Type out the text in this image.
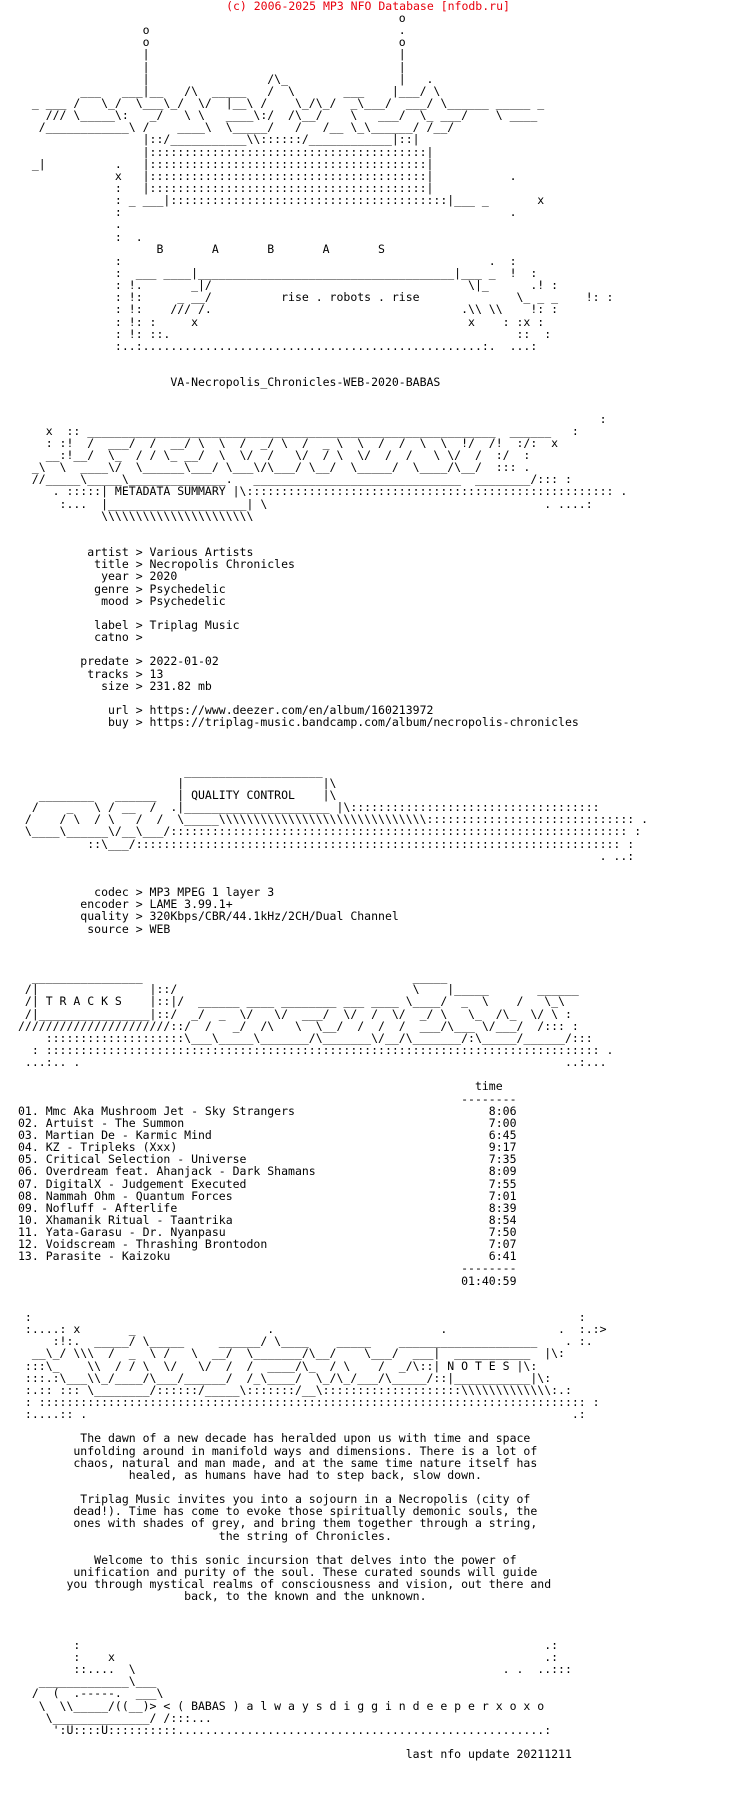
(c) 2006-2025 MP3 NFO Database [nfodb.ru]
o
o                                    .
o                                    o
|                                    |
|                                    |
|                 /\_                |   .
___   ___|__   /\  _____   /  \       ___    |___/ \
_ ___ /   \_/  \___\_/  \/  |__\ /    \_/\_/  _\___/  ___/ \______ _____ _
/// \_____\:   _/   \ \   ____\:/  /\__/    \   ___/  \_ ___/    \ ____
/____________\ /    ____\  \_____/   /   /__ \_\______/ /__/
|::/___________\\::::::/____________|::|
|::::::::::::::::::::::::::::::::::::::::|
_|          .   |::::::::::::::::::::::::::::::::::::::::|
x   |::::::::::::::::::::::::::::::::::::::::|           .
:   |::::::::::::::::::::::::::::::::::::::::|
: _ ___|::::::::::::::::::::::::::::::::::::::::|___ _       x
:                                                        .
.
:  .
B       A       B       A       S
:                                                     .  :
:  ___ ____|_____________________________________|___ _  !  :
: !.       _|/                                     \|_      .! :
: !:     _ __/          rise . robots . rise              \_ _ _    !: :
: !:    /// /.                                    .\\ \\    !: :
: !: :     x                                       x    : :x :
: !: ::.                                                  ::  :
:..:.................................................:.  ...:
VA-Necropolis_Chronicles-WEB-2020-BABAS
:
x  :: ___________________________________________________________  ______   :
: :!  /  ___/  /  __/ \  \  /  _/ \  /  _ \  \  /  /  \  \  !/  /!  :/:  x
__:!__/  \_  / / \_ __/  \  \/  /   \/  / \  \/  /  /   \ \/  /  :/  :
_\  \  ____\/  \______\___/ \___\/\___/ \__/  \_____/  \____/\__/  ::: .
//_____\_____\______________.   ______________________________  ________/::: :
. :::::| METADATA SUMMARY |\::::::::::::::::::::::::::::::::::::::::::::::::::::: .
:...  |____________________| \                                        . ....:
\\\\\\\\\\\\\\\\\\\\\\
artist > Various Artists
title > Necropolis Chronicles
year > 2020
genre > Psychedelic
mood > Psychedelic
label > Triplag Music
catno >
predate > 2022-01-02
tracks > 13
size > 231.82 mb
url > https://www.deezer.com/en/album/160213972
buy > https://triplag-music.bandcamp.com/album/necropolis-chronicles
____________________
|                    |\
________   ______   | QUALITY CONTROL    |\
/    _   \ / __  /  .|_____________________ |\::::::::::::::::::::::::::::::::::::
/    / \  / \   /  /  \_____\\\\\\\\\\\\\\\\\\\\\\\\\\\\\\:::::::::::::::::::::::::::::: .
\____\______\/__\___/:::::::::::::::::::::::::::::::::::::::::::::::::::::::::::::::::: :
::\___/:::::::::::::::::::::::::::::::::::::::::::::::::::::::::::::::::::::: :
. ..:
codec > MP3 MPEG 1 layer 3
encoder > LAME 3.99.1+
quality > 320Kbps/CBR/44.1kHz/2CH/Dual Channel
source > WEB
________________                                       _____
/|                |::/                                  \    |_____       ______
/| T R A C K S    |::|/  ______ ____ ________ ___ ____ \____/  _  \    /   \_\
/|________________|::/  _/  _  \/   \/  ___/  \/  /  \/  _/ \   \_  /\_  \/ \ :
//////////////////////::/  /   _/  /\   \  \__/  /  /  /  ___/\___ \/___/  /::: :
::::::::::::::::::::\___\_____\_______/\_______\/__/\_______/:\_____/______/:::
: :::::::::::::::::::::::::::::::::::::::::::::::::::::::::::::::::::::::::::::::: .
...:.. .                                                                      ..:...
time
--------
01. Mmc Aka Mushroom Jet - Sky Strangers                            8:06
02. Artuist - The Summon                                            7:00
03. Martian De - Karmic Mind                                        6:45
04. KZ - Tripleks (Xxx)                                             9:17
05. Critical Selection - Universe                                   7:35
06. Overdream feat. Ahanjack - Dark Shamans                         8:09
07. DigitalX - Judgement Executed                                   7:55
08. Nammah Ohm - Quantum Forces                                     7:01
09. Nofluff - Afterlife                                             8:39
10. Xhamanik Ritual - Taantrika                                     8:54
11. Yata-Garasu - Dr. Nyanpasu                                      7:50
12. Voidscream - Thrashing Brontodon                                7:07
13. Parasite - Kaizoku                                              6:41
--------
01:40:59
:                                                                               :
:....: x       _                   .                        .                .  :.:>
:!:.  _____/ \_____     ______/ \____    _____    ____________________    . :.
__\_/ \\\  /  _  \ /   \  __/  \_______/\__/    \___/  ___|  ___________  |\:
:::\_    \\  / / \  \/   \/  /  /  ____/\_  / \    /  _/\::| N O T E S |\:
:::.:\___\\_/____/\___/______/  /_\____/  \_/\_/___/\_____/::|___________|\:
:.:: ::: \________/::::::/_____\:::::::/__\::::::::::::::::::::\\\\\\\\\\\\\:.:
: ::::::::::::::::::::::::::::::::::::::::::::::::::::::::::::::::::::::::::::::: :
:....:: .                                                                      .:
The dawn of a new decade has heralded upon us with time and space
unfolding around in manifold ways and dimensions. There is a lot of
chaos, natural and man made, and at the same time nature itself has
healed, as humans have had to step back, slow down.
Triplag Music invites you into a sojourn in a Necropolis (city of
dead!). Time has come to evoke those spiritually demonic souls, the
ones with shades of grey, and bring them together through a string,
the string of Chronicles.
Welcome to this sonic incursion that delves into the power of
unification and purity of the soul. These curated sounds will guide
you through mystical realms of consciousness and vision, out there and
back, to the known and the unknown.
:                                                                   .:
:    x                                                              .:
::....  \                                                     . .  ..:::
_____________\___
/  (  .-----.  ___\
\  \\_____/((__)> < ( BABAS ) a l w a y s d i g g i n d e e p e r x o x o
\______________/ /:::...
':U::::U::::::::::.....................................................:
last nfo update 20211211
